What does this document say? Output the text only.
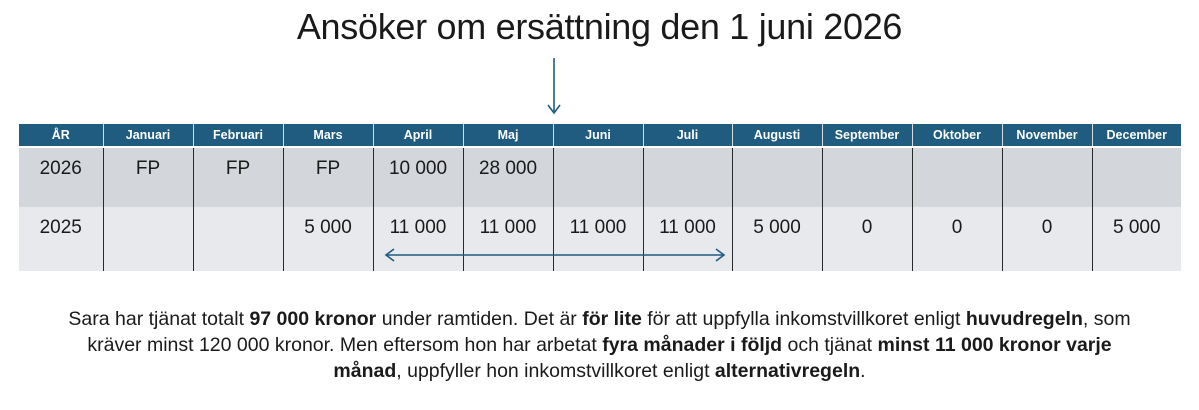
Ansöker om ersättning den 1 juni 2026
ÅR	Januari	Februari	Mars	April	Maj	Juni	Juli	Augusti	September	Oktober	November	December
2026	FP	FP	FP	10 000	28 000							
2025			5 000	11 000	11 000	11 000	11 000	5 000	0	0	0	5 000
Sara har tjänat totalt 97 000 kronor under ramtiden. Det är för lite för att uppfylla inkomstvillkoret enligt huvudregeln, som
kräver minst 120 000 kronor. Men eftersom hon har arbetat fyra månader i följd och tjänat minst 11 000 kronor varje
månad, uppfyller hon inkomstvillkoret enligt alternativregeln.
